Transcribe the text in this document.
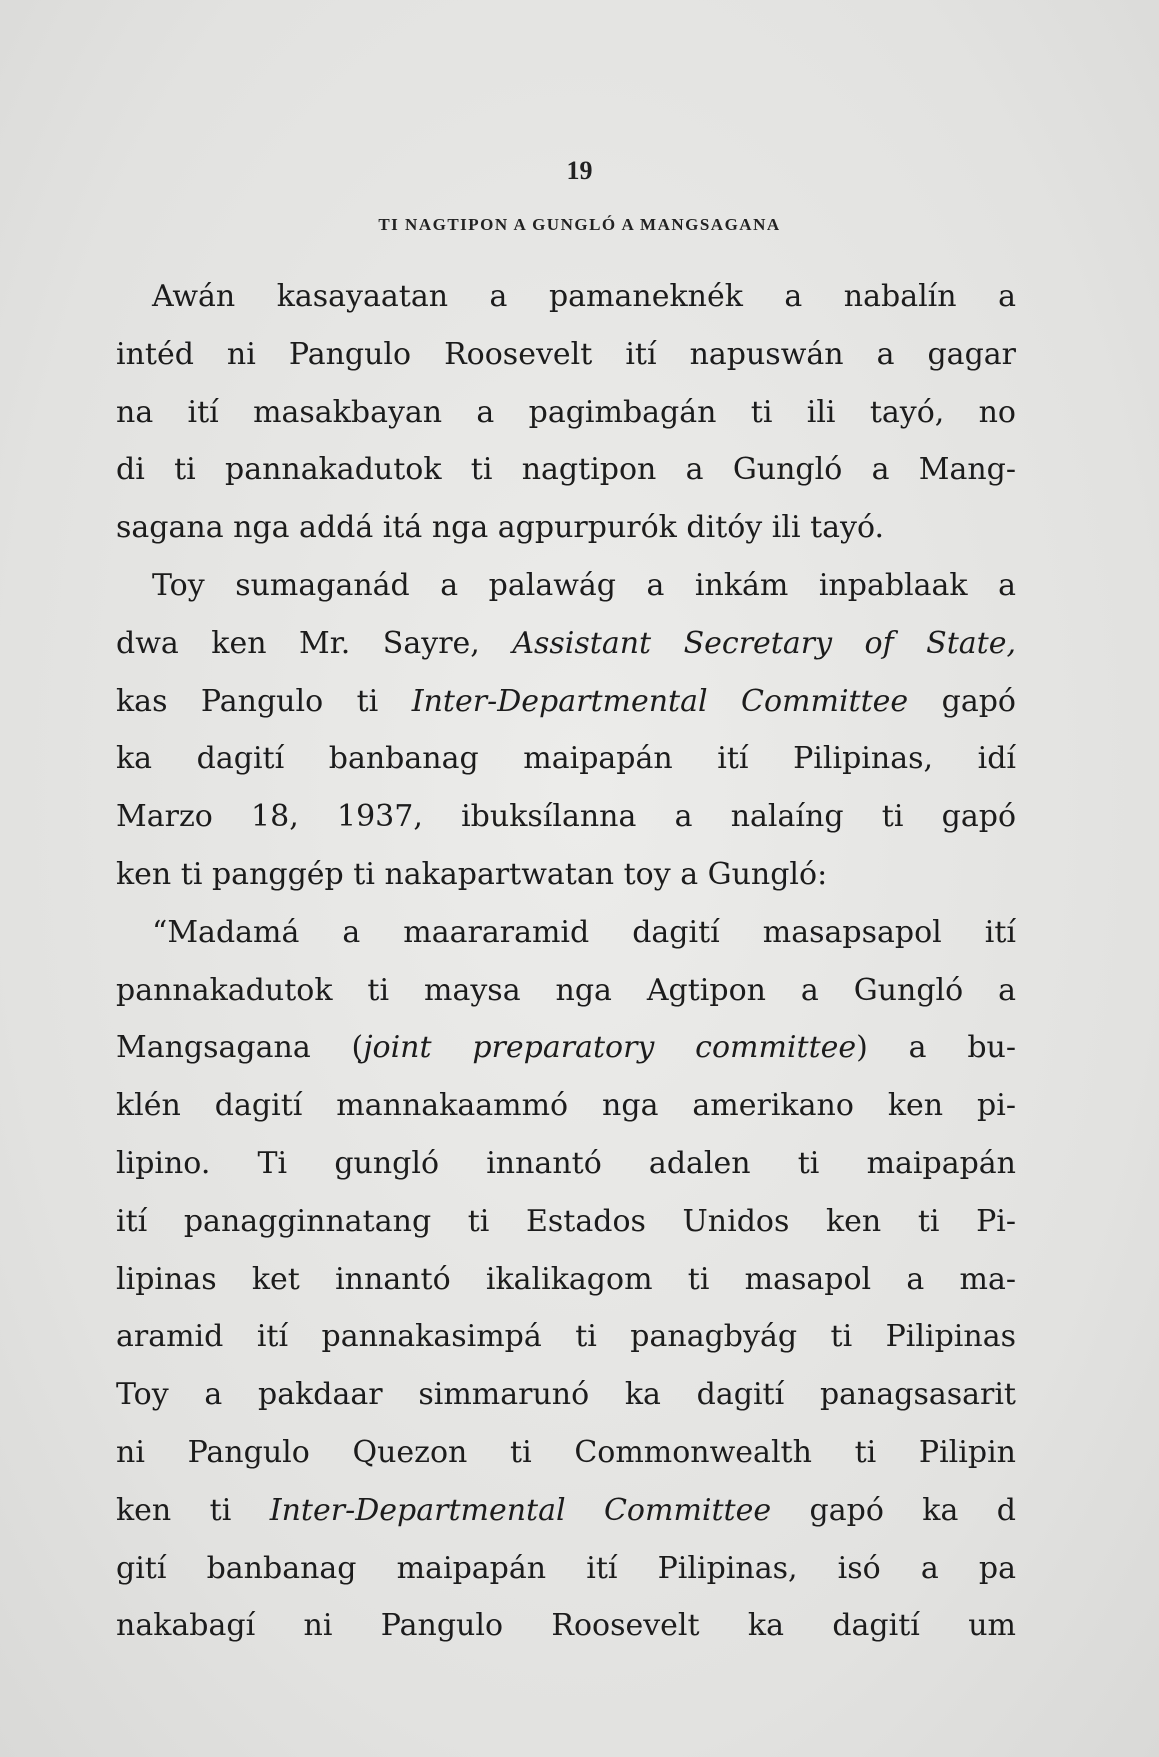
19
TI NAGTIPON A GUNGLÓ A MANGSAGANA
Awán kasayaatan a pamaneknék a nabalín a
intéd ni Pangulo Roosevelt ití napuswán a gagar
na ití masakbayan a pagimbagán ti ili tayó, no
di ti pannakadutok ti nagtipon a Gungló a Mang-
sagana nga addá itá nga agpurpurók ditóy ili tayó.
Toy sumaganád a palawág a inkám inpablaak a
dwa ken Mr. Sayre, Assistant Secretary of State,
kas Pangulo ti Inter-Departmental Committee gapó
ka dagití banbanag maipapán ití Pilipinas, idí
Marzo 18, 1937, ibuksílanna a nalaíng ti gapó
ken ti panggép ti nakapartwatan toy a Gungló:
“Madamá a maararamid dagití masapsapol ití
pannakadutok ti maysa nga Agtipon a Gungló a
Mangsagana (joint preparatory committee) a bu-
klén dagití mannakaammó nga amerikano ken pi-
lipino. Ti gungló innantó adalen ti maipapán
ití panagginnatang ti Estados Unidos ken ti Pi-
lipinas ket innantó ikalikagom ti masapol a ma-
aramid ití pannakasimpá ti panagbyág ti Pilipinas
Toy a pakdaar simmarunó ka dagití panagsasarit
ni Pangulo Quezon ti Commonwealth ti Pilipin
ken ti Inter-Departmental Committee gapó ka d
gití banbanag maipapán ití Pilipinas, isó a pa
nakabagí ni Pangulo Roosevelt ka dagití um
